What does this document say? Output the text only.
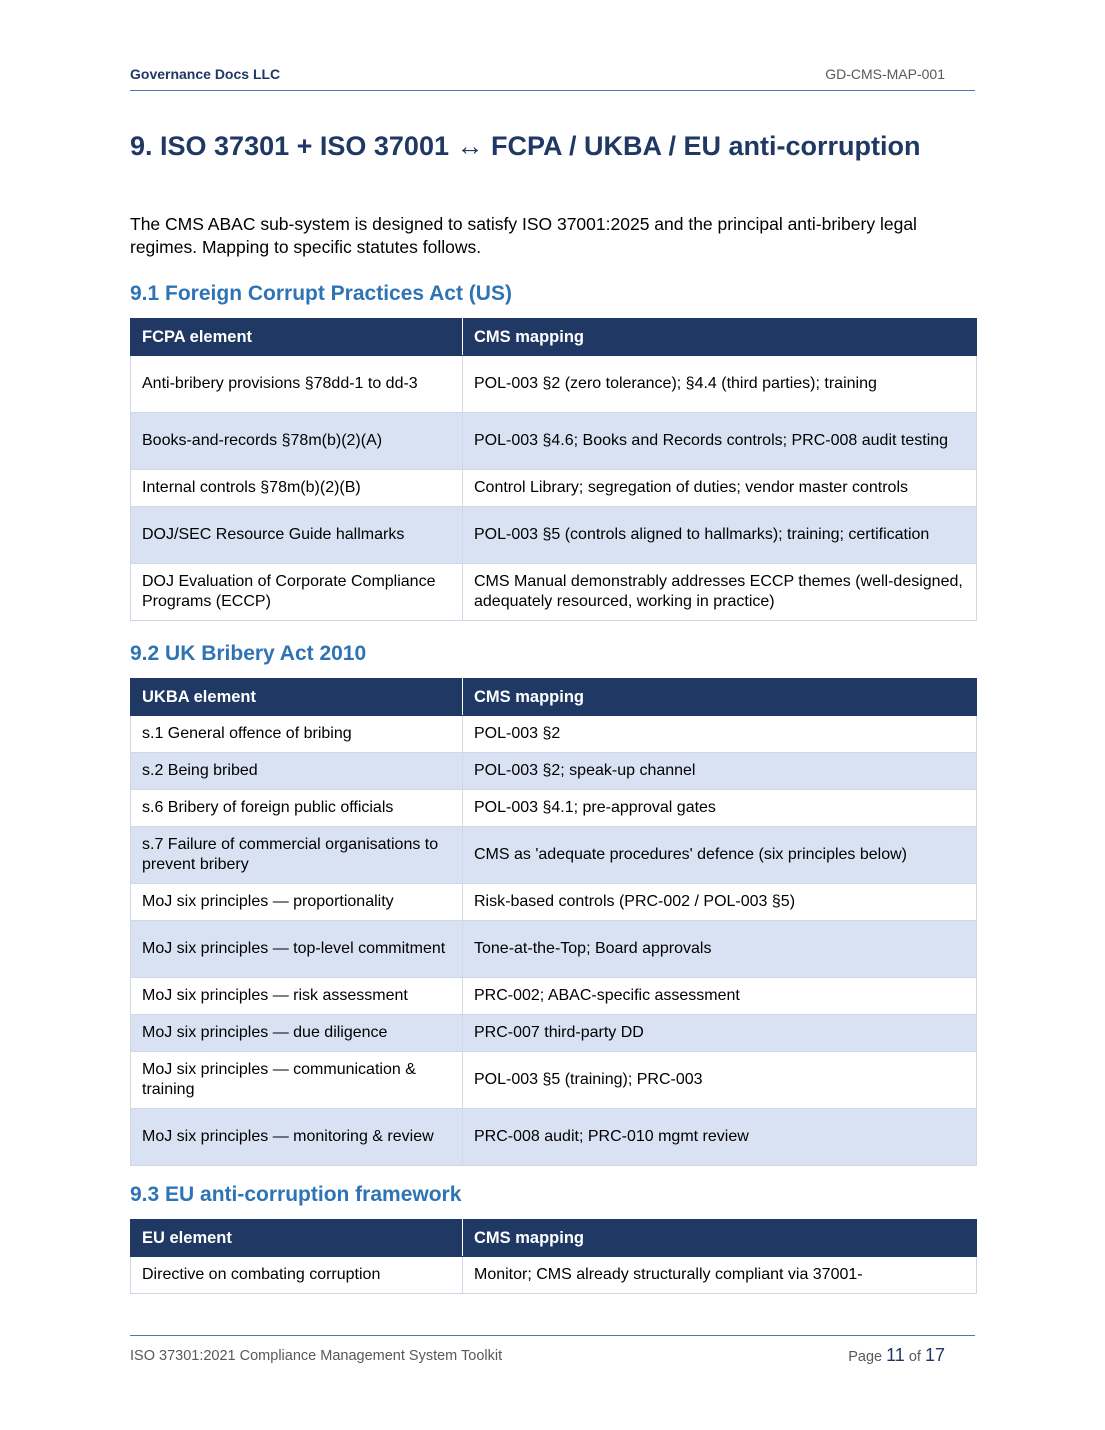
Governance Docs LLC	GD-CMS-MAP-001
9. ISO 37301 + ISO 37001 ↔ FCPA / UKBA / EU anti-corruption

The CMS ABAC sub-system is designed to satisfy ISO 37001:2025 and the principal anti-bribery legal regimes. Mapping to specific statutes follows.

9.1 Foreign Corrupt Practices Act (US)
FCPA element	CMS mapping
Anti-bribery provisions §78dd-1 to dd-3	POL-003 §2 (zero tolerance); §4.4 (third parties); training
Books-and-records §78m(b)(2)(A)	POL-003 §4.6; Books and Records controls; PRC-008 audit testing
Internal controls §78m(b)(2)(B)	Control Library; segregation of duties; vendor master controls
DOJ/SEC Resource Guide hallmarks	POL-003 §5 (controls aligned to hallmarks); training; certification
DOJ Evaluation of Corporate Compliance Programs (ECCP)	CMS Manual demonstrably addresses ECCP themes (well-designed, adequately resourced, working in practice)
9.2 UK Bribery Act 2010
UKBA element	CMS mapping
s.1 General offence of bribing	POL-003 §2
s.2 Being bribed	POL-003 §2; speak-up channel
s.6 Bribery of foreign public officials	POL-003 §4.1; pre-approval gates
s.7 Failure of commercial organisations to prevent bribery	CMS as 'adequate procedures' defence (six principles below)
MoJ six principles — proportionality	Risk-based controls (PRC-002 / POL-003 §5)
MoJ six principles — top-level commitment	Tone-at-the-Top; Board approvals
MoJ six principles — risk assessment	PRC-002; ABAC-specific assessment
MoJ six principles — due diligence	PRC-007 third-party DD
MoJ six principles — communication & training	POL-003 §5 (training); PRC-003
MoJ six principles — monitoring & review	PRC-008 audit; PRC-010 mgmt review
9.3 EU anti-corruption framework
EU element	CMS mapping
Directive on combating corruption	Monitor; CMS already structurally compliant via 37001-
ISO 37301:2021 Compliance Management System Toolkit	Page 11 of 17
